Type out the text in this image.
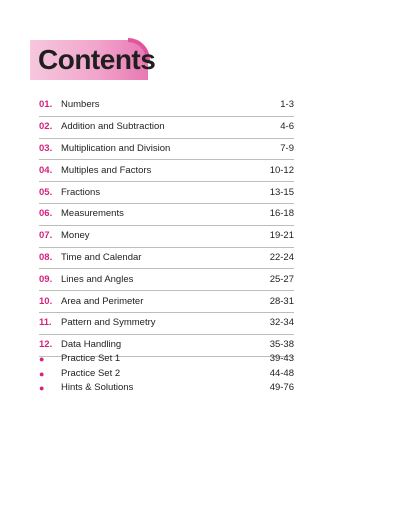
Contents
01. Numbers	1-3
02. Addition and Subtraction	4-6
03. Multiplication and Division	7-9
04. Multiples and Factors	10-12
05. Fractions	13-15
06. Measurements	16-18
07. Money	19-21
08. Time and Calendar	22-24
09. Lines and Angles	25-27
10. Area and Perimeter	28-31
11. Pattern and Symmetry	32-34
12. Data Handling	35-38
●	Practice Set 1	39-43
●	Practice Set 2	44-48
●	Hints & Solutions	49-76
